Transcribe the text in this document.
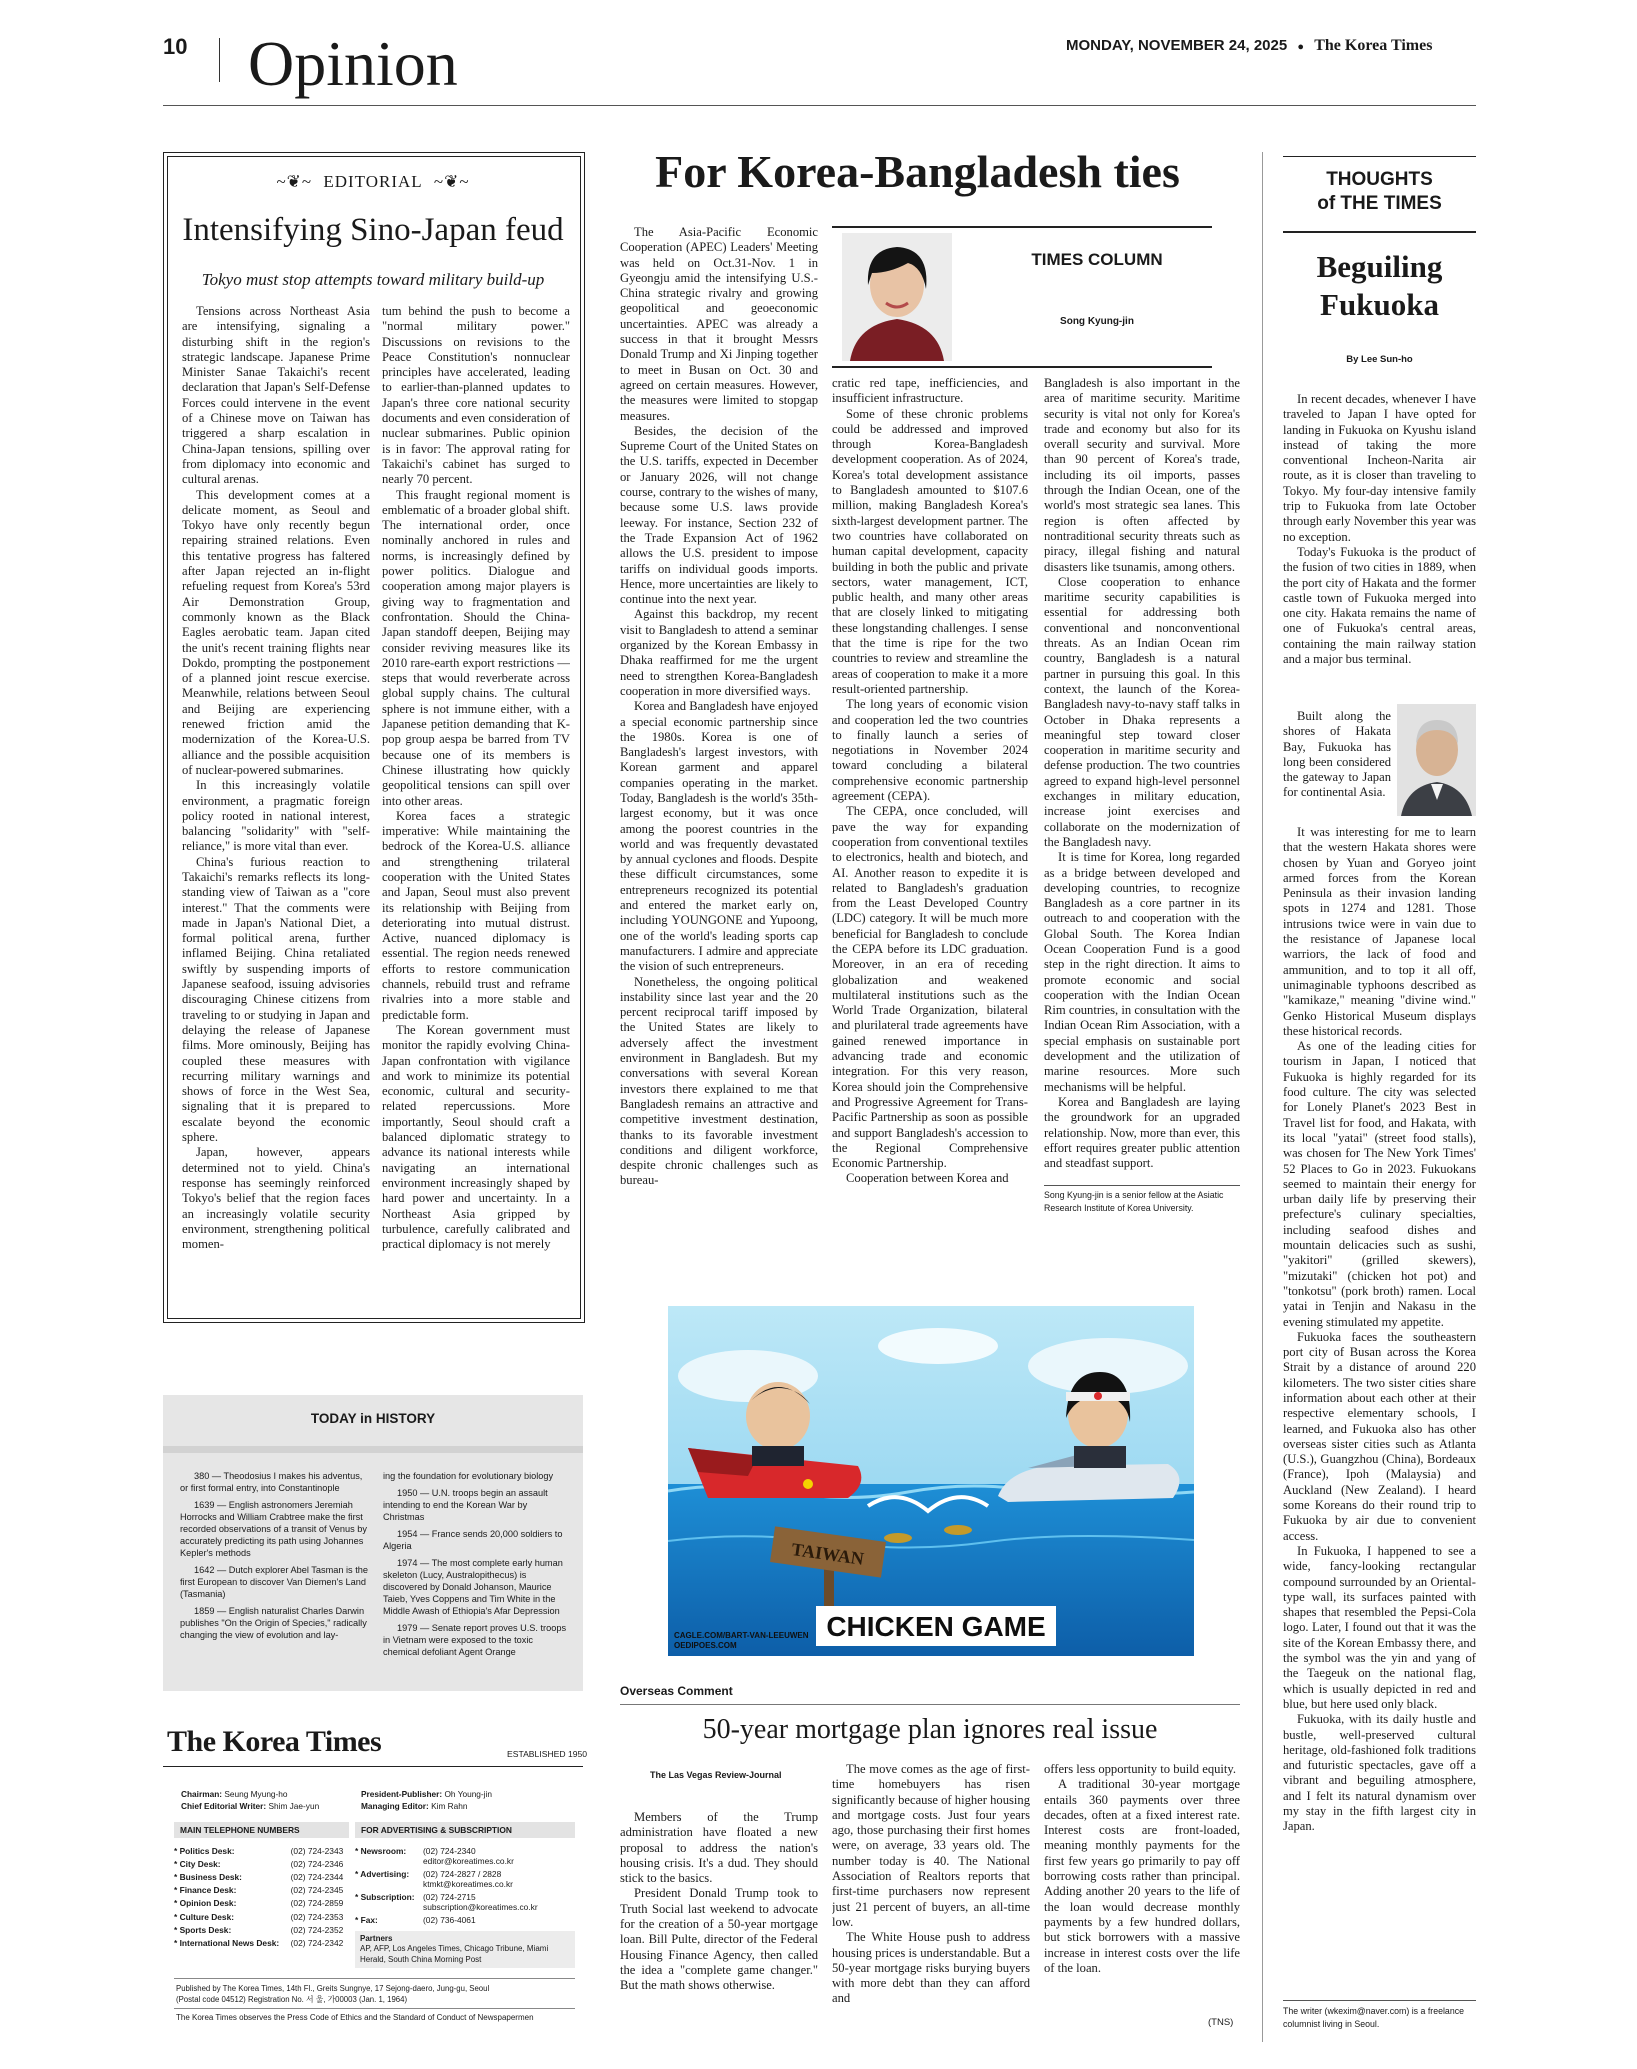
10 Opinion	MONDAY, NOVEMBER 24, 2025 ● The Korea Times
~❦~ EDITORIAL ~❦~
Intensifying Sino-Japan feud
Tokyo must stop attempts toward military build-up

Tensions across Northeast Asia are intensifying, signaling a disturbing shift in the region's strategic landscape. Japanese Prime Minister Sanae Takaichi's recent declaration that Japan's Self-Defense Forces could intervene in the event of a Chinese move on Taiwan has triggered a sharp escalation in China-Japan tensions, spilling over from diplomacy into economic and cultural arenas.

This development comes at a delicate moment, as Seoul and Tokyo have only recently begun repairing strained relations. Even this tentative progress has faltered after Japan rejected an in-flight refueling request from Korea's 53rd Air Demonstration Group, commonly known as the Black Eagles aerobatic team. Japan cited the unit's recent training flights near Dokdo, prompting the postponement of a planned joint rescue exercise. Meanwhile, relations between Seoul and Beijing are experiencing renewed friction amid the modernization of the Korea-U.S. alliance and the possible acquisition of nuclear-powered submarines.

In this increasingly volatile environment, a pragmatic foreign policy rooted in national interest, balancing "solidarity" with "self-reliance," is more vital than ever.

China's furious reaction to Takaichi's remarks reflects its long-standing view of Taiwan as a "core interest." That the comments were made in Japan's National Diet, a formal political arena, further inflamed Beijing. China retaliated swiftly by suspending imports of Japanese seafood, issuing advisories discouraging Chinese citizens from traveling to or studying in Japan and delaying the release of Japanese films. More ominously, Beijing has coupled these measures with recurring military warnings and shows of force in the West Sea, signaling that it is prepared to escalate beyond the economic sphere.

Japan, however, appears determined not to yield. China's response has seemingly reinforced Tokyo's belief that the region faces an increasingly volatile security environment, strengthening political momen-

tum behind the push to become a "normal military power." Discussions on revisions to the Peace Constitution's nonnuclear principles have accelerated, leading to earlier-than-planned updates to Japan's three core national security documents and even consideration of nuclear submarines. Public opinion is in favor: The approval rating for Takaichi's cabinet has surged to nearly 70 percent.

This fraught regional moment is emblematic of a broader global shift. The international order, once nominally anchored in rules and norms, is increasingly defined by power politics. Dialogue and cooperation among major players is giving way to fragmentation and confrontation. Should the China-Japan standoff deepen, Beijing may consider reviving measures like its 2010 rare-earth export restrictions — steps that would reverberate across global supply chains. The cultural sphere is not immune either, with a Japanese petition demanding that K-pop group aespa be barred from TV because one of its members is Chinese illustrating how quickly geopolitical tensions can spill over into other areas.

Korea faces a strategic imperative: While maintaining the bedrock of the Korea-U.S. alliance and strengthening trilateral cooperation with the United States and Japan, Seoul must also prevent its relationship with Beijing from deteriorating into mutual distrust. Active, nuanced diplomacy is essential. The region needs renewed efforts to restore communication channels, rebuild trust and reframe rivalries into a more stable and predictable form.

The Korean government must monitor the rapidly evolving China-Japan confrontation with vigilance and work to minimize its potential economic, cultural and security-related repercussions. More importantly, Seoul should craft a balanced diplomatic strategy to advance its national interests while navigating an international environment increasingly shaped by hard power and uncertainty. In a Northeast Asia gripped by turbulence, carefully calibrated and practical diplomacy is not merely

TODAY in HISTORY

380 — Theodosius I makes his adventus, or first formal entry, into Constantinople

1639 — English astronomers Jeremiah Horrocks and William Crabtree make the first recorded observations of a transit of Venus by accurately predicting its path using Johannes Kepler's methods

1642 — Dutch explorer Abel Tasman is the first European to discover Van Diemen's Land (Tasmania)

1859 — English naturalist Charles Darwin publishes "On the Origin of Species," radically changing the view of evolution and lay-

ing the foundation for evolutionary biology

1950 — U.N. troops begin an assault intending to end the Korean War by Christmas

1954 — France sends 20,000 soldiers to Algeria

1974 — The most complete early human skeleton (Lucy, Australopithecus) is discovered by Donald Johanson, Maurice Taieb, Yves Coppens and Tim White in the Middle Awash of Ethiopia's Afar Depression

1979 — Senate report proves U.S. troops in Vietnam were exposed to the toxic chemical defoliant Agent Orange

The Korea Times	ESTABLISHED 1950
Chairman: Seung Myung-ho
Chief Editorial Writer: Shim Jae-yun
President-Publisher: Oh Young-jin
Managing Editor: Kim Rahn
MAIN TELEPHONE NUMBERS
* Politics Desk:	(02) 724-2343
* City Desk:	(02) 724-2346
* Business Desk:	(02) 724-2344
* Finance Desk:	(02) 724-2345
* Opinion Desk:	(02) 724-2859
* Culture Desk:	(02) 724-2353
* Sports Desk:	(02) 724-2352
* International News Desk:	(02) 724-2342
FOR ADVERTISING & SUBSCRIPTION
* Newsroom:	(02) 724-2340
editor@koreatimes.co.kr

* Advertising:	(02) 724-2827 / 2828
ktmkt@koreatimes.co.kr

* Subscription:	(02) 724-2715
subscription@koreatimes.co.kr

* Fax:	(02) 736-4061
Partners
AP, AFP, Los Angeles Times, Chicago Tribune, Miami Herald, South China Morning Post
Published by The Korea Times, 14th Fl., Greits Sungnye, 17 Sejong-daero, Jung-gu, Seoul
(Postal code 04512) Registration No. 서 울, 가00003 (Jan. 1, 1964)
The Korea Times observes the Press Code of Ethics and the Standard of Conduct of Newspapermen
For Korea-Bangladesh ties

The Asia-Pacific Economic Cooperation (APEC) Leaders' Meeting was held on Oct.31-Nov. 1 in Gyeongju amid the intensifying U.S.-China strategic rivalry and growing geopolitical and geoeconomic uncertainties. APEC was already a success in that it brought Messrs Donald Trump and Xi Jinping together to meet in Busan on Oct. 30 and agreed on certain measures. However, the measures were limited to stopgap measures.

Besides, the decision of the Supreme Court of the United States on the U.S. tariffs, expected in December or January 2026, will not change course, contrary to the wishes of many, because some U.S. laws provide leeway. For instance, Section 232 of the Trade Expansion Act of 1962 allows the U.S. president to impose tariffs on individual goods imports. Hence, more uncertainties are likely to continue into the next year.

Against this backdrop, my recent visit to Bangladesh to attend a seminar organized by the Korean Embassy in Dhaka reaffirmed for me the urgent need to strengthen Korea-Bangladesh cooperation in more diversified ways.

Korea and Bangladesh have enjoyed a special economic partnership since the 1980s. Korea is one of Bangladesh's largest investors, with Korean garment and apparel companies operating in the market. Today, Bangladesh is the world's 35th-largest economy, but it was once among the poorest countries in the world and was frequently devastated by annual cyclones and floods. Despite these difficult circumstances, some entrepreneurs recognized its potential and entered the market early on, including YOUNGONE and Yupoong, one of the world's leading sports cap manufacturers. I admire and appreciate the vision of such entrepreneurs.

Nonetheless, the ongoing political instability since last year and the 20 percent reciprocal tariff imposed by the United States are likely to adversely affect the investment environment in Bangladesh. But my conversations with several Korean investors there explained to me that Bangladesh remains an attractive and competitive investment destination, thanks to its favorable investment conditions and diligent workforce, despite chronic challenges such as bureau-

TIMES COLUMN
Song Kyung-jin

cratic red tape, inefficiencies, and insufficient infrastructure.

Some of these chronic problems could be addressed and improved through Korea-Bangladesh development cooperation. As of 2024, Korea's total development assistance to Bangladesh amounted to $107.6 million, making Bangladesh Korea's sixth-largest development partner. The two countries have collaborated on human capital development, capacity building in both the public and private sectors, water management, ICT, public health, and many other areas that are closely linked to mitigating these longstanding challenges. I sense that the time is ripe for the two countries to review and streamline the areas of cooperation to make it a more result-oriented partnership.

The long years of economic vision and cooperation led the two countries to finally launch a series of negotiations in November 2024 toward concluding a bilateral comprehensive economic partnership agreement (CEPA).

The CEPA, once concluded, will pave the way for expanding cooperation from conventional textiles to electronics, health and biotech, and AI. Another reason to expedite it is related to Bangladesh's graduation from the Least Developed Country (LDC) category. It will be much more beneficial for Bangladesh to conclude the CEPA before its LDC graduation. Moreover, in an era of receding globalization and weakened multilateral institutions such as the World Trade Organization, bilateral and plurilateral trade agreements have gained renewed importance in advancing trade and economic integration. For this very reason, Korea should join the Comprehensive and Progressive Agreement for Trans-Pacific Partnership as soon as possible and support Bangladesh's accession to the Regional Comprehensive Economic Partnership.

Cooperation between Korea and

Bangladesh is also important in the area of maritime security. Maritime security is vital not only for Korea's trade and economy but also for its overall security and survival. More than 90 percent of Korea's trade, including its oil imports, passes through the Indian Ocean, one of the world's most strategic sea lanes. This region is often affected by nontraditional security threats such as piracy, illegal fishing and natural disasters like tsunamis, among others.

Close cooperation to enhance maritime security capabilities is essential for addressing both conventional and nonconventional threats. As an Indian Ocean rim country, Bangladesh is a natural partner in pursuing this goal. In this context, the launch of the Korea-Bangladesh navy-to-navy staff talks in October in Dhaka represents a meaningful step toward closer cooperation in maritime security and defense production. The two countries agreed to expand high-level personnel exchanges in military education, increase joint exercises and collaborate on the modernization of the Bangladesh navy.

It is time for Korea, long regarded as a bridge between developed and developing countries, to recognize Bangladesh as a core partner in its outreach to and cooperation with the Global South. The Korea Indian Ocean Cooperation Fund is a good step in the right direction. It aims to promote economic and social cooperation with the Indian Ocean Rim countries, in consultation with the Indian Ocean Rim Association, with a special emphasis on sustainable port development and the utilization of marine resources. More such mechanisms will be helpful.

Korea and Bangladesh are laying the groundwork for an upgraded relationship. Now, more than ever, this effort requires greater public attention and steadfast support.

Song Kyung-jin is a senior fellow at the Asiatic Research Institute of Korea University.
TAIWAN
CHICKEN GAME
CAGLE.COM/BART-VAN-LEEUWEN
OEDIPOES.COM
Overseas Comment
50-year mortgage plan ignores real issue
The Las Vegas Review-Journal

Members of the Trump administration have floated a new proposal to address the nation's housing crisis. It's a dud. They should stick to the basics.

President Donald Trump took to Truth Social last weekend to advocate for the creation of a 50-year mortgage loan. Bill Pulte, director of the Federal Housing Finance Agency, then called the idea a "complete game changer." But the math shows otherwise.

The move comes as the age of first-time homebuyers has risen significantly because of higher housing and mortgage costs. Just four years ago, those purchasing their first homes were, on average, 33 years old. The number today is 40. The National Association of Realtors reports that first-time purchasers now represent just 21 percent of buyers, an all-time low.

The White House push to address housing prices is understandable. But a 50-year mortgage risks burying buyers with more debt than they can afford and

offers less opportunity to build equity.

A traditional 30-year mortgage entails 360 payments over three decades, often at a fixed interest rate. Interest costs are front-loaded, meaning monthly payments for the first few years go primarily to pay off borrowing costs rather than principal. Adding another 20 years to the life of the loan would decrease monthly payments by a few hundred dollars, but stick borrowers with a massive increase in interest costs over the life of the loan.

(TNS)
THOUGHTS
of THE TIMES
Beguiling
Fukuoka
By Lee Sun-ho

In recent decades, whenever I have traveled to Japan I have opted for landing in Fukuoka on Kyushu island instead of taking the more conventional Incheon-Narita air route, as it is closer than traveling to Tokyo. My four-day intensive family trip to Fukuoka from late October through early November this year was no exception.

Today's Fukuoka is the product of the fusion of two cities in 1889, when the port city of Hakata and the former castle town of Fukuoka merged into one city. Hakata remains the name of one of Fukuoka's central areas, containing the main railway station and a major bus terminal.

Built along the shores of Hakata Bay, Fukuoka has long been considered the gateway to Japan for continental Asia.

It was interesting for me to learn that the western Hakata shores were chosen by Yuan and Goryeo joint armed forces from the Korean Peninsula as their invasion landing spots in 1274 and 1281. Those intrusions twice were in vain due to the resistance of Japanese local warriors, the lack of food and ammunition, and to top it all off, unimaginable typhoons described as "kamikaze," meaning "divine wind." Genko Historical Museum displays these historical records.

As one of the leading cities for tourism in Japan, I noticed that Fukuoka is highly regarded for its food culture. The city was selected for Lonely Planet's 2023 Best in Travel list for food, and Hakata, with its local "yatai" (street food stalls), was chosen for The New York Times' 52 Places to Go in 2023. Fukuokans seemed to maintain their energy for urban daily life by preserving their prefecture's culinary specialties, including seafood dishes and mountain delicacies such as sushi, "yakitori" (grilled skewers), "mizutaki" (chicken hot pot) and "tonkotsu" (pork broth) ramen. Local yatai in Tenjin and Nakasu in the evening stimulated my appetite.

Fukuoka faces the southeastern port city of Busan across the Korea Strait by a distance of around 220 kilometers. The two sister cities share information about each other at their respective elementary schools, I learned, and Fukuoka also has other overseas sister cities such as Atlanta (U.S.), Guangzhou (China), Bordeaux (France), Ipoh (Malaysia) and Auckland (New Zealand). I heard some Koreans do their round trip to Fukuoka by air due to convenient access.

In Fukuoka, I happened to see a wide, fancy-looking rectangular compound surrounded by an Oriental-type wall, its surfaces painted with shapes that resembled the Pepsi-Cola logo. Later, I found out that it was the site of the Korean Embassy there, and the symbol was the yin and yang of the Taegeuk on the national flag, which is usually depicted in red and blue, but here used only black.

Fukuoka, with its daily hustle and bustle, well-preserved cultural heritage, old-fashioned folk traditions and futuristic spectacles, gave off a vibrant and beguiling atmosphere, and I felt its natural dynamism over my stay in the fifth largest city in Japan.

The writer (wkexim@naver.com) is a freelance columnist living in Seoul.
